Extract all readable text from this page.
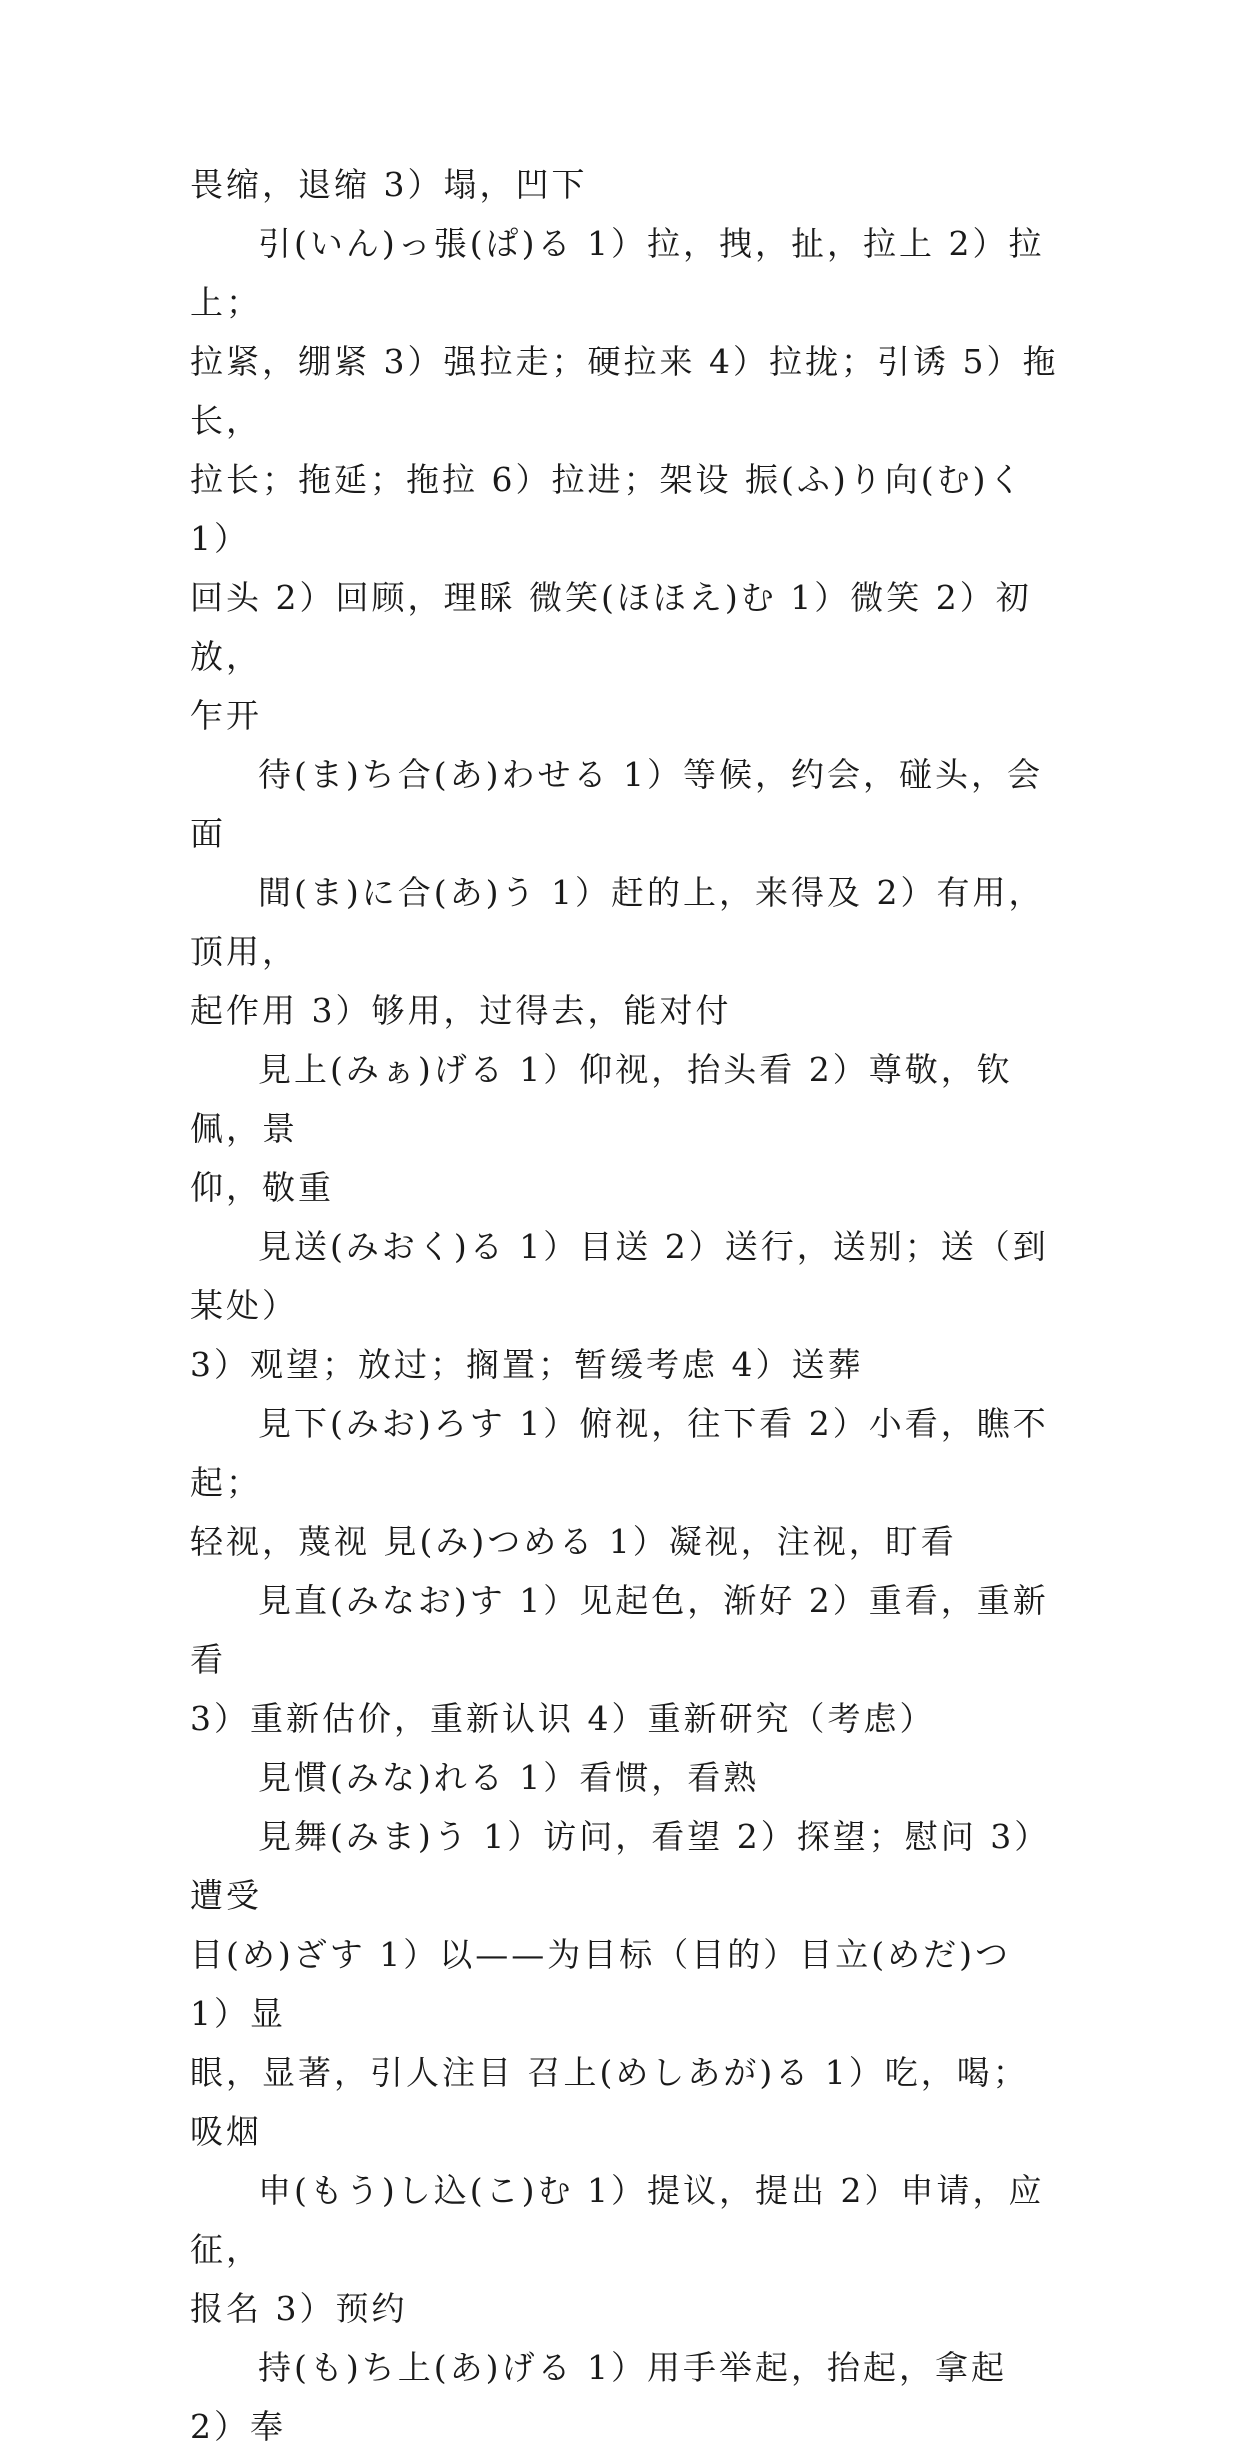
畏缩，退缩 3）塌，凹下

引(いん)っ張(ぱ)る 1）拉，拽，扯，拉上 2）拉上；
拉紧，绷紧 3）强拉走；硬拉来 4）拉拢；引诱 5）拖长，
拉长；拖延；拖拉 6）拉进；架设 振(ふ)り向(む)く 1）
回头 2）回顾，理睬 微笑(ほほえ)む 1）微笑 2）初放，
乍开

待(ま)ち合(あ)わせる 1）等候，约会，碰头，会面

間(ま)に合(あ)う 1）赶的上，来得及 2）有用，顶用，
起作用 3）够用，过得去，能对付

見上(みぁ)げる 1）仰视，抬头看 2）尊敬，钦佩，景
仰，敬重

見送(みおく)る 1）目送 2）送行，送别；送（到某处）
3）观望；放过；搁置；暂缓考虑 4）送葬

見下(みお)ろす 1）俯视，往下看 2）小看，瞧不起；
轻视，蔑视 見(み)つめる 1）凝视，注视，盯看

見直(みなお)す 1）见起色，渐好 2）重看，重新看
3）重新估价，重新认识 4）重新研究（考虑）

見慣(みな)れる 1）看惯，看熟

見舞(みま)う 1）访问，看望 2）探望；慰问 3）遭受
目(め)ざす 1）以——为目标（目的）目立(めだ)つ 1）显
眼，显著，引人注目 召上(めしあが)る 1）吃，喝；吸烟

申(もう)し込(こ)む 1）提议，提出 2）申请，应征，
报名 3）预约

持(も)ち上(あ)げる 1）用手举起，抬起，拿起 2）奉
